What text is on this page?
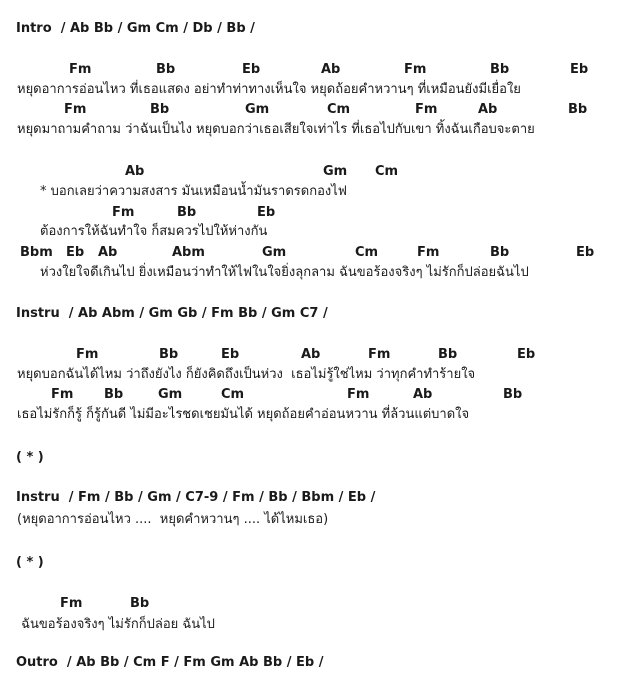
Intro  / Ab Bb / Gm Cm / Db / Bb /
Fm	Bb	Eb	Ab	Fm	Bb	Eb
หยุดอาการอ่อนไหว ที่เธอแสดง อย่าทำท่าทางเห็นใจ หยุดถ้อยคำหวานๆ ที่เหมือนยังมีเยื่อใย
Fm	Bb	Gm	Cm	Fm	Ab	Bb
หยุดมาถามคำถาม ว่าฉันเป็นไง หยุดบอกว่าเธอเสียใจเท่าไร ที่เธอไปกับเขา ทิ้งฉันเกือบจะตาย
Ab	Gm Cm
* บอกเลยว่าความสงสาร มันเหมือนน้ำมันราดรดกองไฟ
Fm	Bb	Eb
ต้องการให้ฉันทำใจ ก็สมควรไปให้ห่างกัน
Bbm Eb Ab	Abm	Gm	Cm	Fm	Bb	Eb
ห่วงใยใจดีเกินไป ยิ่งเหมือนว่าทำให้ไฟในใจยิ่งลุกลาม ฉันขอร้องจริงๆ ไม่รักก็ปล่อยฉันไป
Instru  / Ab Abm / Gm Gb / Fm Bb / Gm C7 /
Fm	Bb	Eb	Ab	Fm	Bb	Eb
หยุดบอกฉันได้ไหม ว่าถึงยังไง ก็ยังคิดถึงเป็นห่วง  เธอไม่รู้ใช่ไหม ว่าทุกคำทำร้ายใจ
Fm Bb	Gm	Cm	Fm	Ab	Bb
เธอไม่รักก็รู้ ก็รู้กันดี ไม่มีอะไรชดเชยมันได้ หยุดถ้อยคำอ่อนหวาน ที่ล้วนแต่บาดใจ
( * )
Instru  / Fm / Bb / Gm / C7-9 / Fm / Bb / Bbm / Eb /
(หยุดอาการอ่อนไหว ....  หยุดคำหวานๆ .... ได้ไหมเธอ)
( * )
Fm	Bb
ฉันขอร้องจริงๆ ไม่รักก็ปล่อย ฉันไป
Outro  / Ab Bb / Cm F / Fm Gm Ab Bb / Eb /
